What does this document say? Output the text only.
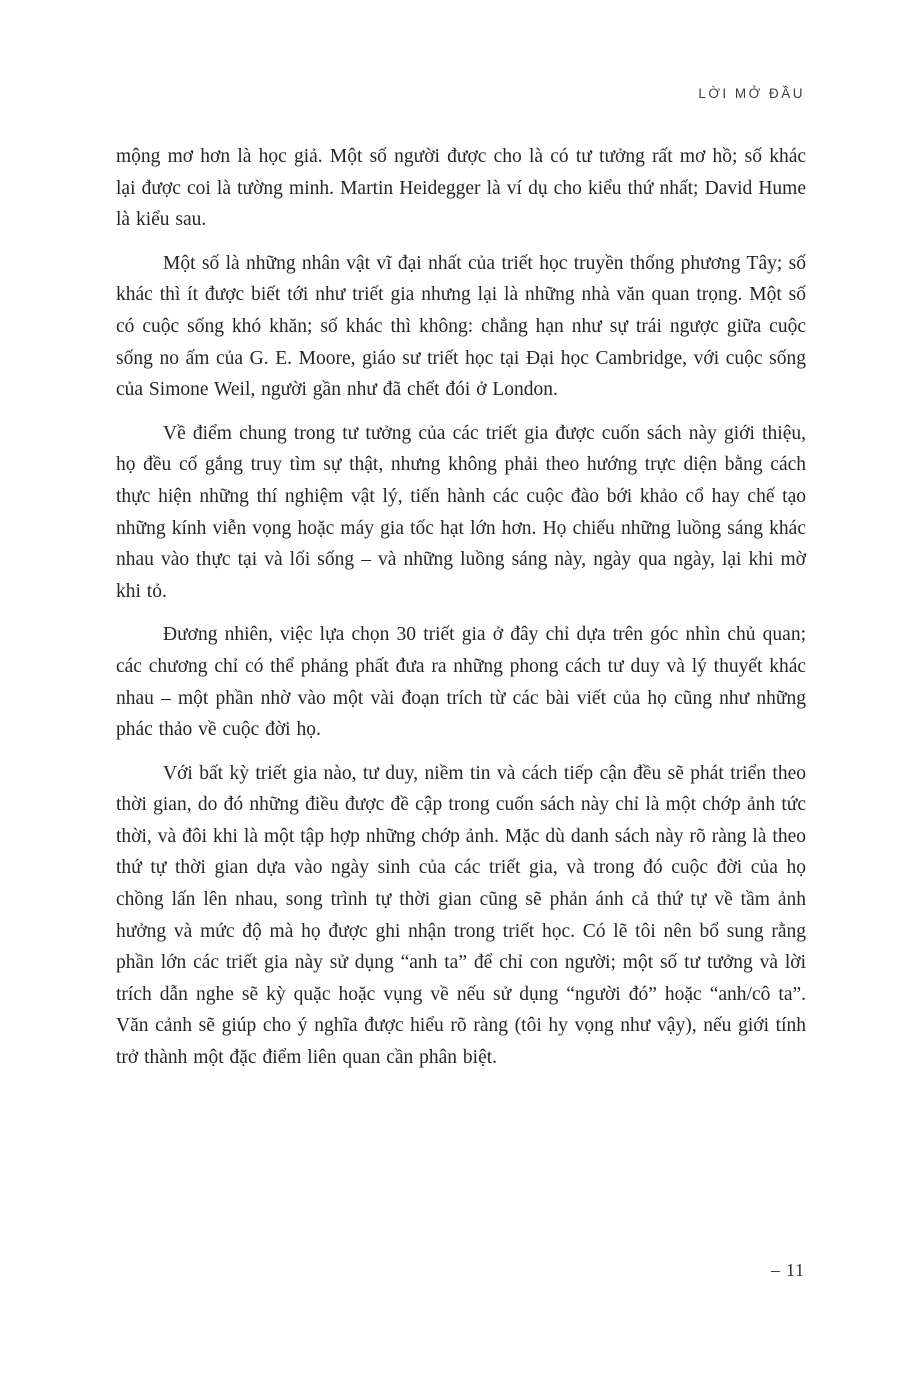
LỜI MỞ ĐẦU

mộng mơ hơn là học giả. Một số người được cho là có tư tưởng rất mơ hồ; số khác lại được coi là tường minh. Martin Heidegger là ví dụ cho kiểu thứ nhất; David Hume là kiểu sau.

Một số là những nhân vật vĩ đại nhất của triết học truyền thống phương Tây; số khác thì ít được biết tới như triết gia nhưng lại là những nhà văn quan trọng. Một số có cuộc sống khó khăn; số khác thì không: chẳng hạn như sự trái ngược giữa cuộc sống no ấm của G. E. Moore, giáo sư triết học tại Đại học Cambridge, với cuộc sống của Simone Weil, người gần như đã chết đói ở London.

Về điểm chung trong tư tưởng của các triết gia được cuốn sách này giới thiệu, họ đều cố gắng truy tìm sự thật, nhưng không phải theo hướng trực diện bằng cách thực hiện những thí nghiệm vật lý, tiến hành các cuộc đào bới khảo cổ hay chế tạo những kính viễn vọng hoặc máy gia tốc hạt lớn hơn. Họ chiếu những luồng sáng khác nhau vào thực tại và lối sống – và những luồng sáng này, ngày qua ngày, lại khi mờ khi tỏ.

Đương nhiên, việc lựa chọn 30 triết gia ở đây chỉ dựa trên góc nhìn chủ quan; các chương chỉ có thể phảng phất đưa ra những phong cách tư duy và lý thuyết khác nhau – một phần nhờ vào một vài đoạn trích từ các bài viết của họ cũng như những phác thảo về cuộc đời họ.

Với bất kỳ triết gia nào, tư duy, niềm tin và cách tiếp cận đều sẽ phát triển theo thời gian, do đó những điều được đề cập trong cuốn sách này chỉ là một chớp ảnh tức thời, và đôi khi là một tập hợp những chớp ảnh. Mặc dù danh sách này rõ ràng là theo thứ tự thời gian dựa vào ngày sinh của các triết gia, và trong đó cuộc đời của họ chồng lấn lên nhau, song trình tự thời gian cũng sẽ phản ánh cả thứ tự về tầm ảnh hưởng và mức độ mà họ được ghi nhận trong triết học. Có lẽ tôi nên bổ sung rằng phần lớn các triết gia này sử dụng “anh ta” để chỉ con người; một số tư tưởng và lời trích dẫn nghe sẽ kỳ quặc hoặc vụng về nếu sử dụng “người đó” hoặc “anh/cô ta”. Văn cảnh sẽ giúp cho ý nghĩa được hiểu rõ ràng (tôi hy vọng như vậy), nếu giới tính trở thành một đặc điểm liên quan cần phân biệt.

– 11
